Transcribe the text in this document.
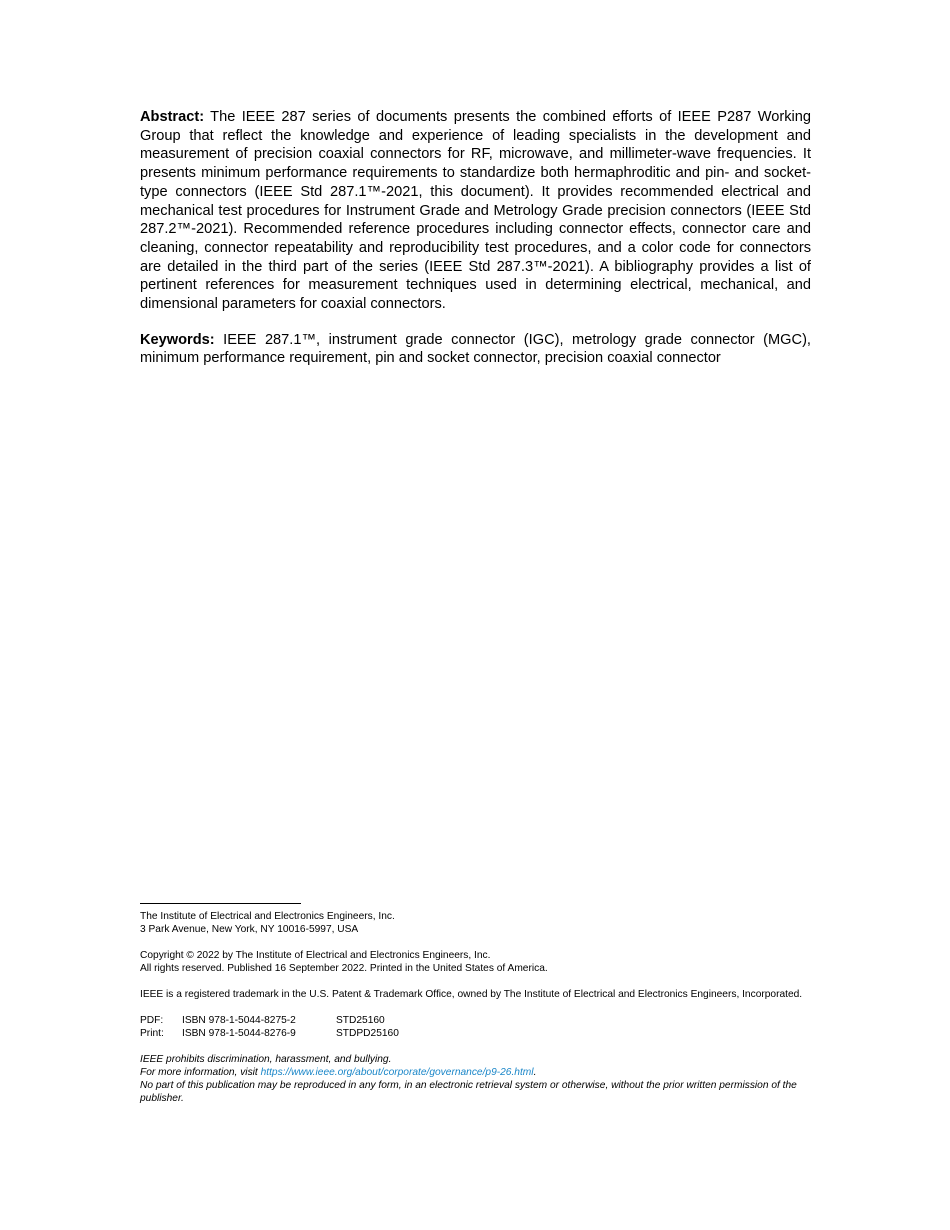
Abstract: The IEEE 287 series of documents presents the combined efforts of IEEE P287 Working Group that reflect the knowledge and experience of leading specialists in the development and measurement of precision coaxial connectors for RF, microwave, and millimeter-wave frequencies. It presents minimum performance requirements to standardize both hermaphroditic and pin- and socket-type connectors (IEEE Std 287.1™-2021, this document). It provides recommended electrical and mechanical test procedures for Instrument Grade and Metrology Grade precision connectors (IEEE Std 287.2™-2021). Recommended reference procedures including connector effects, connector care and cleaning, connector repeatability and reproducibility test procedures, and a color code for connectors are detailed in the third part of the series (IEEE Std 287.3™-2021). A bibliography provides a list of pertinent references for measurement techniques used in determining electrical, mechanical, and dimensional parameters for coaxial connectors.

Keywords: IEEE 287.1™, instrument grade connector (IGC), metrology grade connector (MGC), minimum performance requirement, pin and socket connector, precision coaxial connector

The Institute of Electrical and Electronics Engineers, Inc.
3 Park Avenue, New York, NY 10016-5997, USA
Copyright © 2022 by The Institute of Electrical and Electronics Engineers, Inc.
All rights reserved. Published 16 September 2022. Printed in the United States of America.
IEEE is a registered trademark in the U.S. Patent & Trademark Office, owned by The Institute of Electrical and Electronics Engineers, Incorporated.
PDF: ISBN 978-1-5044-8275-2	STD25160
Print: ISBN 978-1-5044-8276-9	STDPD25160
IEEE prohibits discrimination, harassment, and bullying.
For more information, visit https://www.ieee.org/about/corporate/governance/p9-26.html.
No part of this publication may be reproduced in any form, in an electronic retrieval system or otherwise, without the prior written permission of the publisher.
